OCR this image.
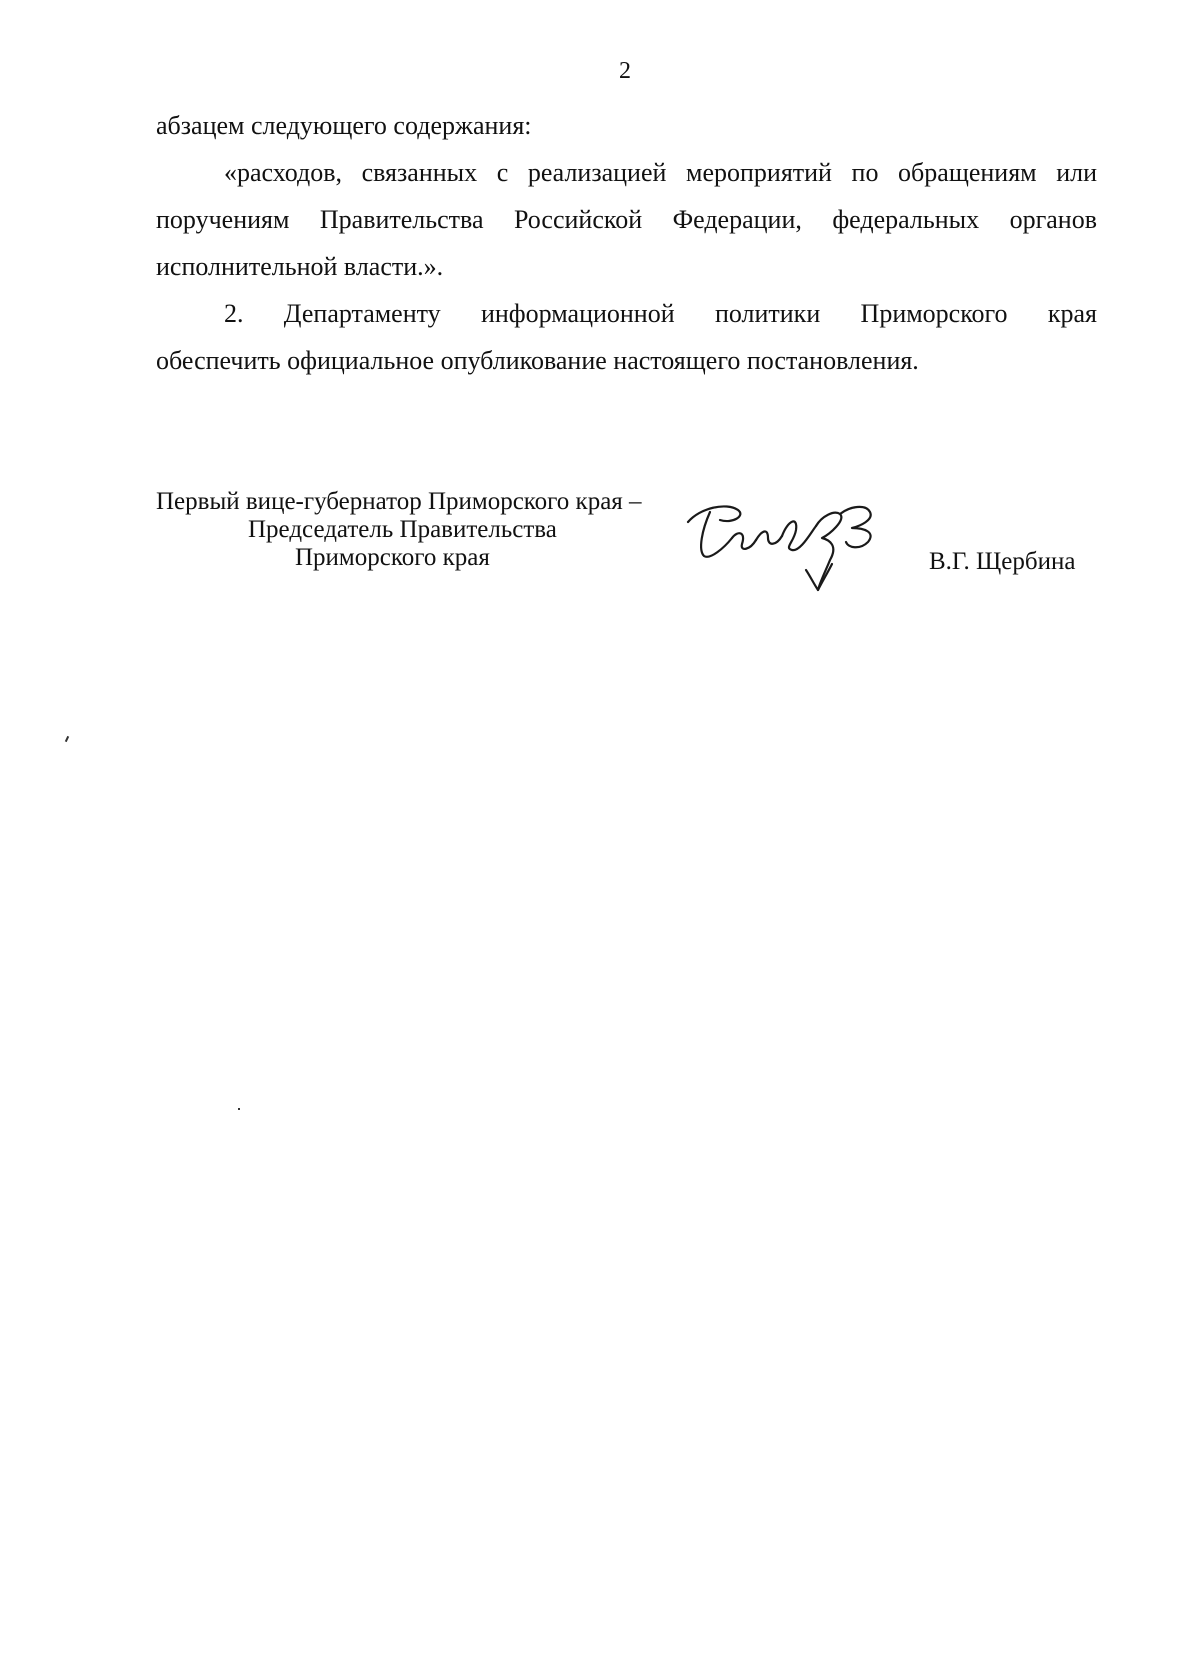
2
абзацем следующего содержания:
«расходов, связанных с реализацией мероприятий по обращениям или
поручениям Правительства Российской Федерации, федеральных органов
исполнительной власти.».
2. Департаменту информационной политики Приморского края
обеспечить официальное опубликование настоящего постановления.
Первый вице-губернатор Приморского края –
Председатель Правительства
Приморского края	В.Г. Щербина
